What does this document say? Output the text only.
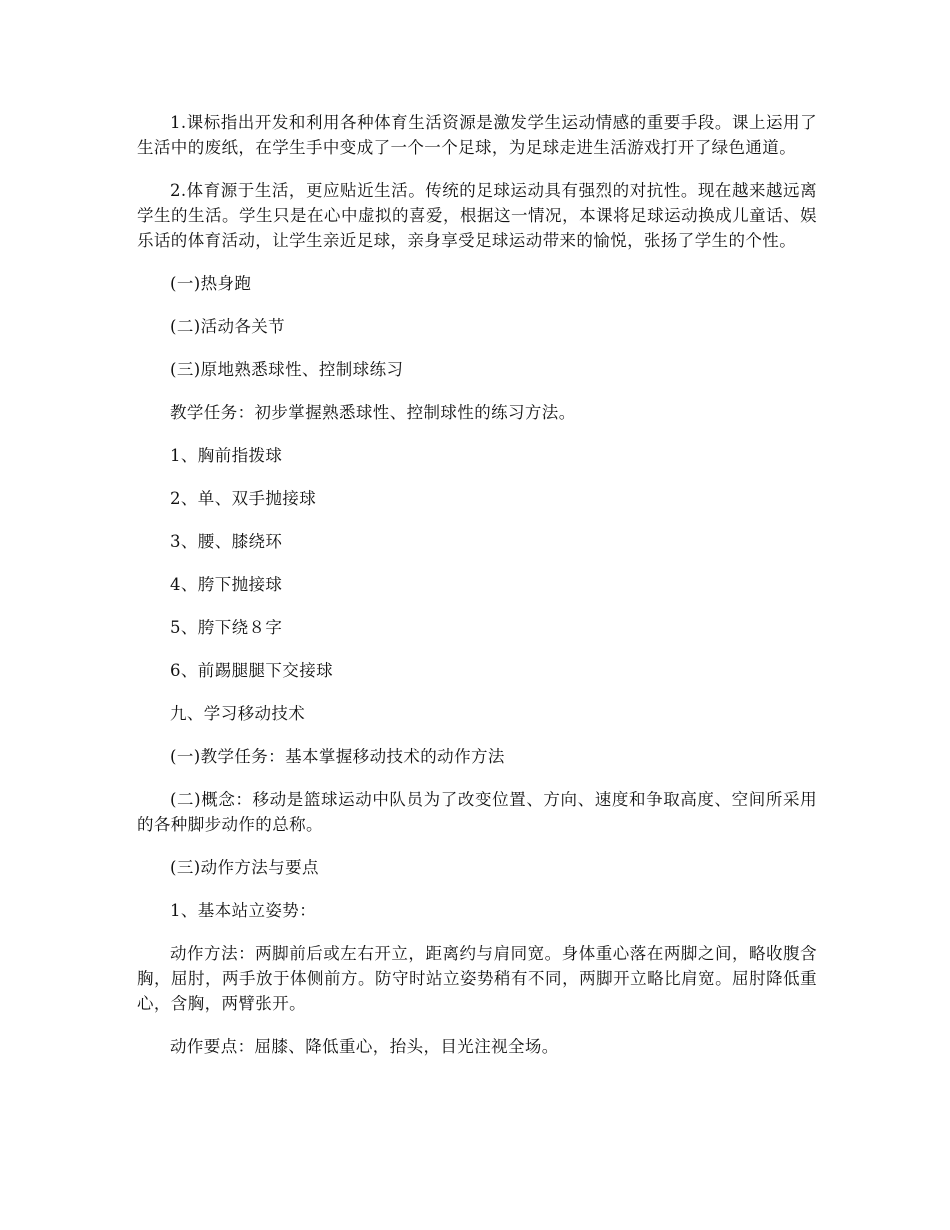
1.课标指出开发和利用各种体育生活资源是激发学生运动情感的重要手段。课上运用了生活中的废纸，在学生手中变成了一个一个足球，为足球走进生活游戏打开了绿色通道。

2.体育源于生活，更应贴近生活。传统的足球运动具有强烈的对抗性。现在越来越远离学生的生活。学生只是在心中虚拟的喜爱，根据这一情况，本课将足球运动换成儿童话、娱乐话的体育活动，让学生亲近足球，亲身享受足球运动带来的愉悦，张扬了学生的个性。

(一)热身跑

(二)活动各关节

(三)原地熟悉球性、控制球练习

教学任务：初步掌握熟悉球性、控制球性的练习方法。

1、胸前指拨球

2、单、双手抛接球

3、腰、膝绕环

4、胯下抛接球

5、胯下绕８字

6、前踢腿腿下交接球

九、学习移动技术

(一)教学任务：基本掌握移动技术的动作方法

(二)概念：移动是篮球运动中队员为了改变位置、方向、速度和争取高度、空间所采用的各种脚步动作的总称。

(三)动作方法与要点

1、基本站立姿势：

动作方法：两脚前后或左右开立，距离约与肩同宽。身体重心落在两脚之间，略收腹含胸，屈肘，两手放于体侧前方。防守时站立姿势稍有不同，两脚开立略比肩宽。屈肘降低重心，含胸，两臂张开。

动作要点：屈膝、降低重心，抬头，目光注视全场。
